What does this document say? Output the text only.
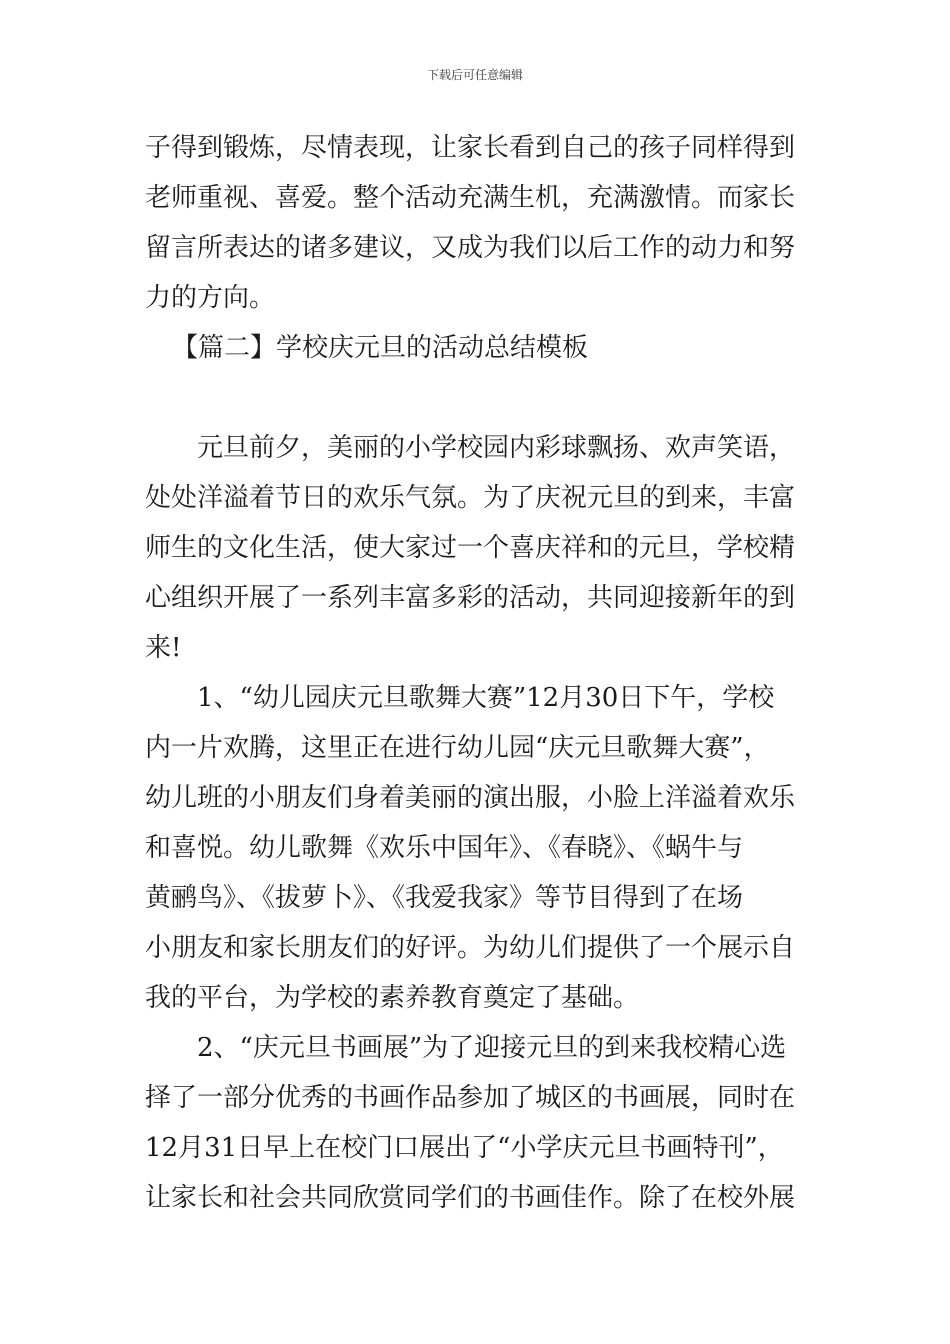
下载后可任意编辑
子得到锻炼，尽情表现，让家长看到自己的孩子同样得到
老师重视、喜爱。整个活动充满生机，充满激情。而家长
留言所表达的诸多建议，又成为我们以后工作的动力和努
力的方向。
【篇二】学校庆元旦的活动总结模板
元旦前夕，美丽的小学校园内彩球飘扬、欢声笑语，
处处洋溢着节日的欢乐气氛。为了庆祝元旦的到来，丰富
师生的文化生活，使大家过一个喜庆祥和的元旦，学校精
心组织开展了一系列丰富多彩的活动，共同迎接新年的到
来!
1、“幼儿园庆元旦歌舞大赛”12月30日下午，学校
内一片欢腾，这里正在进行幼儿园“庆元旦歌舞大赛”，
幼儿班的小朋友们身着美丽的演出服，小脸上洋溢着欢乐
和喜悦。幼儿歌舞《欢乐中国年》、《春晓》、《蜗牛与
黄鹂鸟》、《拔萝卜》、《我爱我家》等节目得到了在场
小朋友和家长朋友们的好评。为幼儿们提供了一个展示自
我的平台，为学校的素养教育奠定了基础。
2、“庆元旦书画展”为了迎接元旦的到来我校精心选
择了一部分优秀的书画作品参加了城区的书画展，同时在
12月31日早上在校门口展出了“小学庆元旦书画特刊”，
让家长和社会共同欣赏同学们的书画佳作。除了在校外展
